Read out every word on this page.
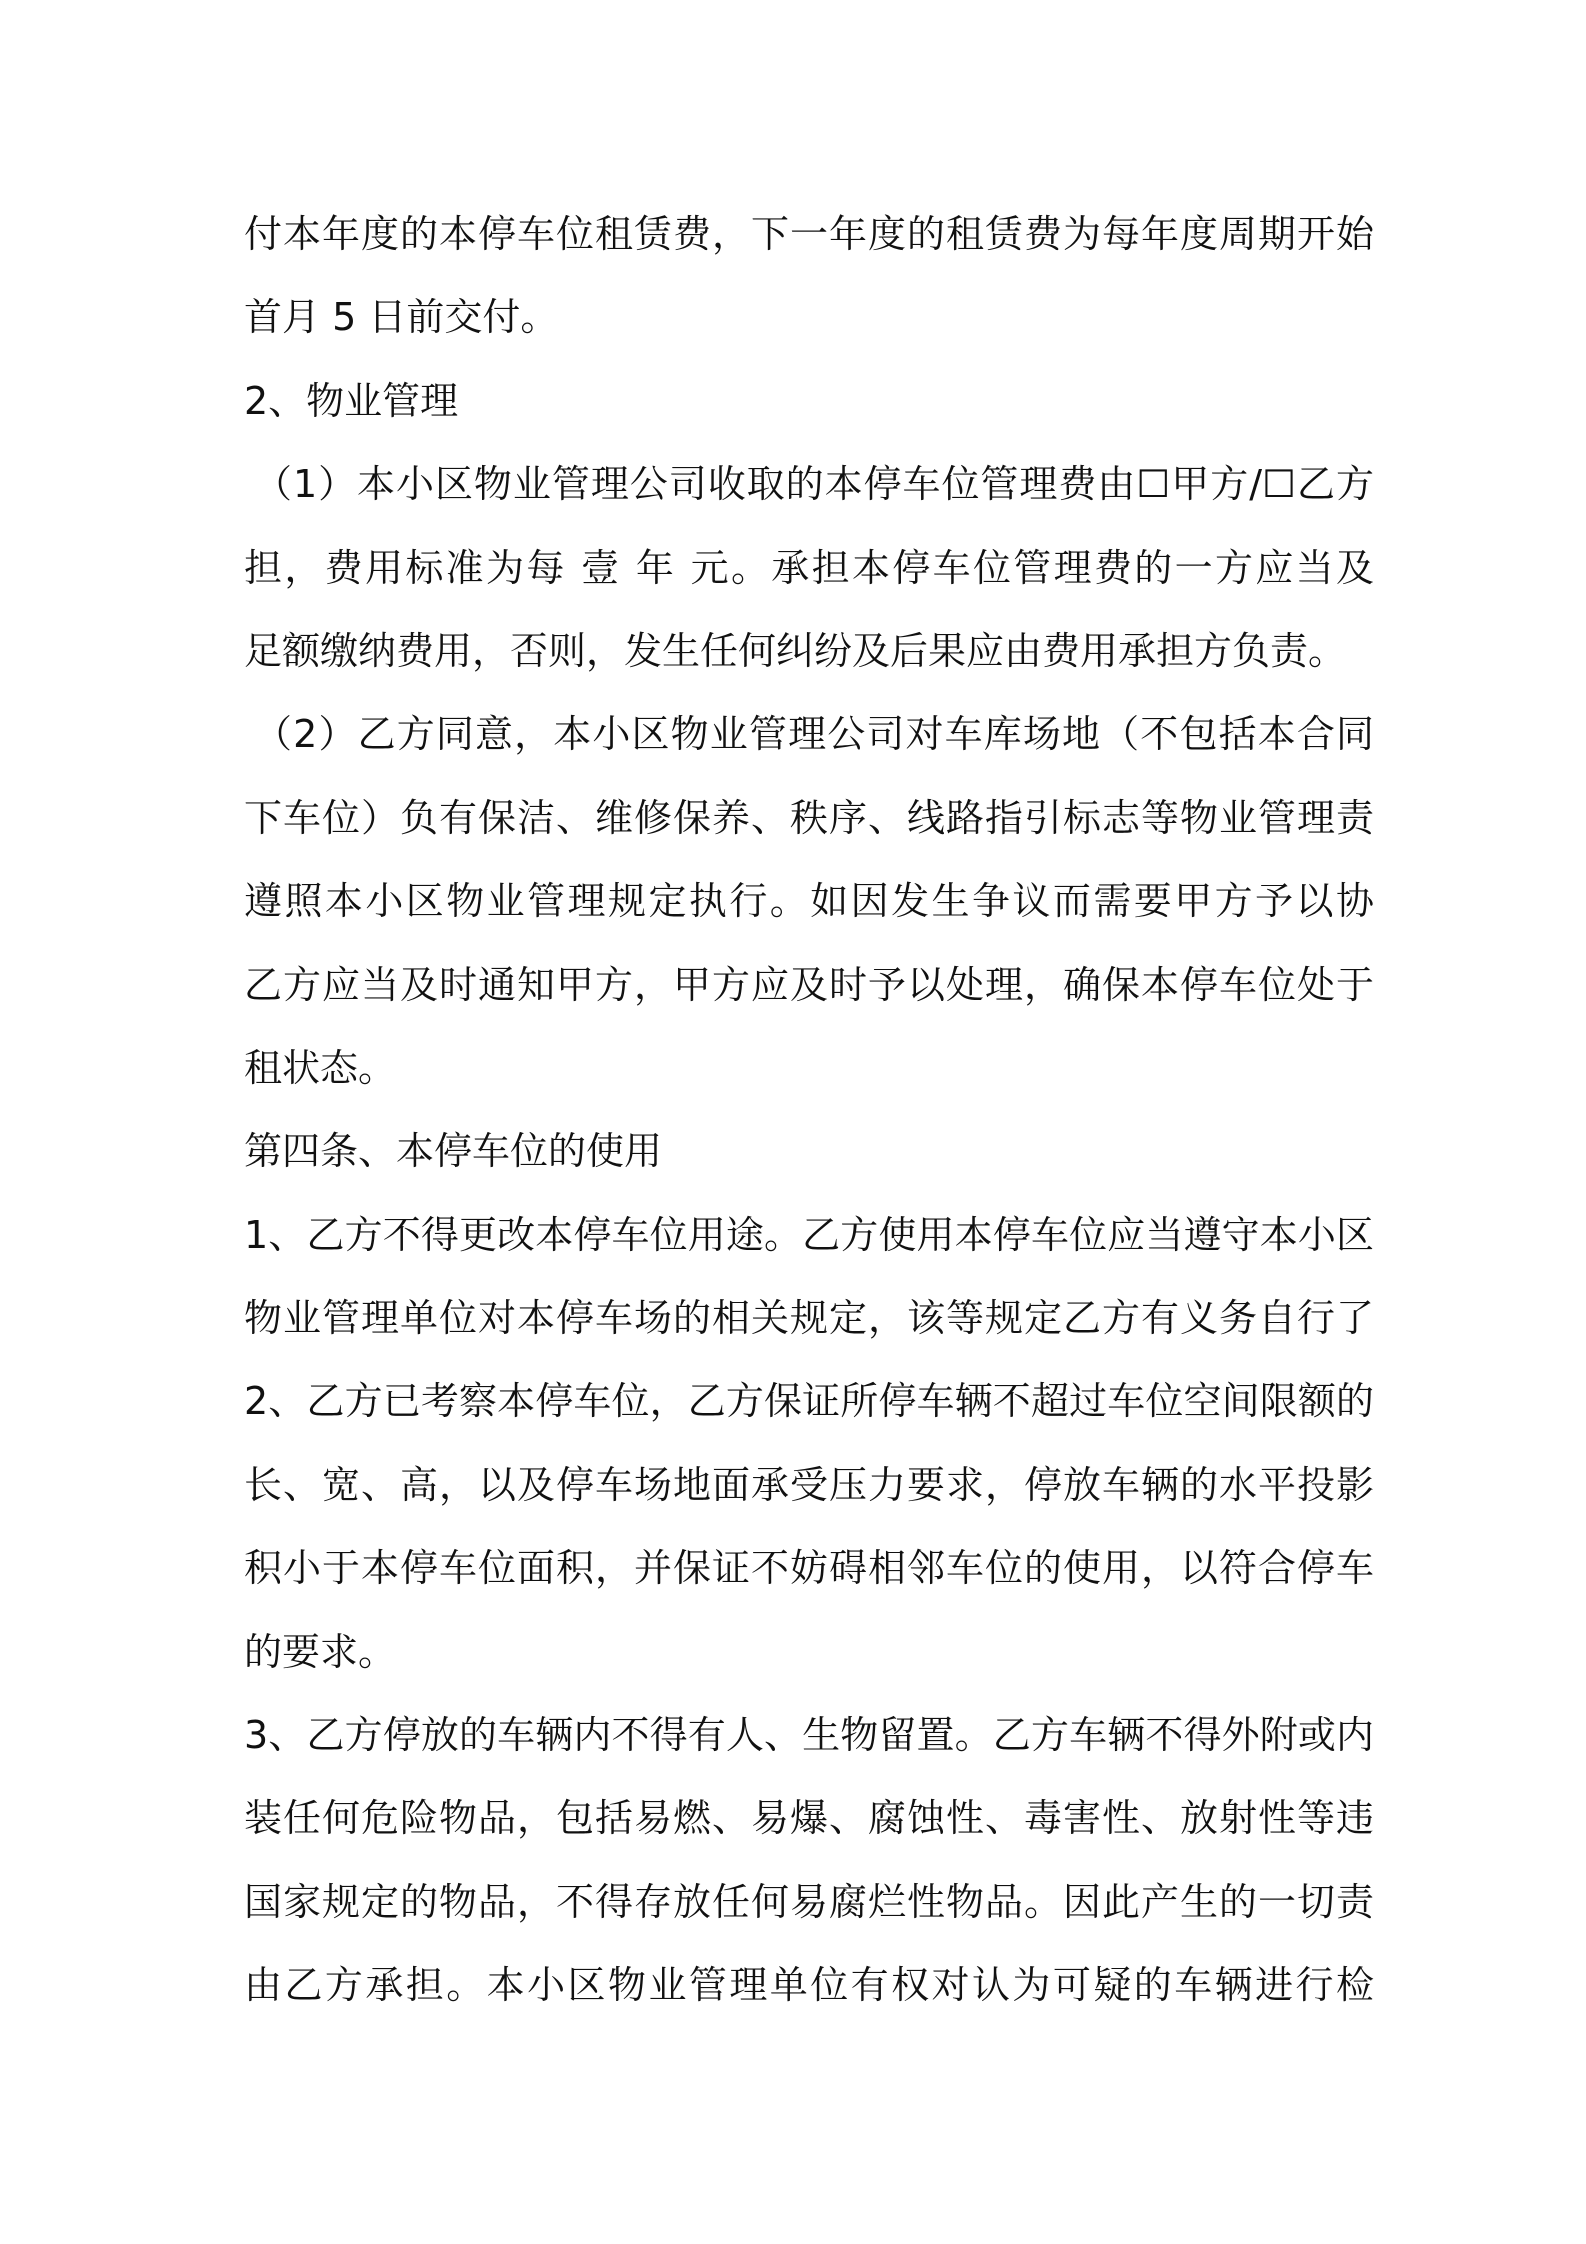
付本年度的本停车位租赁费，下一年度的租赁费为每年度周期开始
首月 5 日前交付。
2、物业管理
（1）本小区物业管理公司收取的本停车位管理费由☐甲方/☐乙方
担，费用标准为每 壹 年 元。承担本停车位管理费的一方应当及
足额缴纳费用，否则，发生任何纠纷及后果应由费用承担方负责。
（2）乙方同意，本小区物业管理公司对车库场地（不包括本合同
下车位）负有保洁、维修保养、秩序、线路指引标志等物业管理责
遵照本小区物业管理规定执行。如因发生争议而需要甲方予以协
乙方应当及时通知甲方，甲方应及时予以处理，确保本停车位处于
租状态。
第四条、本停车位的使用
1、乙方不得更改本停车位用途。乙方使用本停车位应当遵守本小区
物业管理单位对本停车场的相关规定，该等规定乙方有义务自行了
2、乙方已考察本停车位，乙方保证所停车辆不超过车位空间限额的
长、宽、高，以及停车场地面承受压力要求，停放车辆的水平投影
积小于本停车位面积，并保证不妨碍相邻车位的使用，以符合停车
的要求。
3、乙方停放的车辆内不得有人、生物留置。乙方车辆不得外附或内
装任何危险物品，包括易燃、易爆、腐蚀性、毒害性、放射性等违
国家规定的物品，不得存放任何易腐烂性物品。因此产生的一切责
由乙方承担。本小区物业管理单位有权对认为可疑的车辆进行检
